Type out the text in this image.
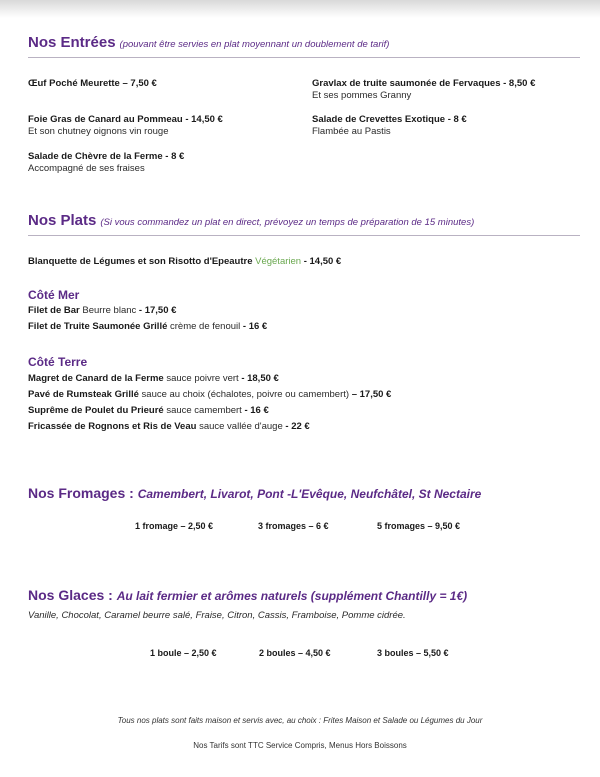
Nos Entrées (pouvant être servies en plat moyennant un doublement de tarif)
Œuf Poché Meurette – 7,50 €	Gravlax de truite saumonée de Fervaques - 8,50 €
Et ses pommes Granny
Foie Gras de Canard au Pommeau - 14,50 €
Et son chutney oignons vin rouge
Salade de Crevettes Exotique - 8 €
Flambée au Pastis
Salade de Chèvre de la Ferme - 8 €
Accompagné de ses fraises
Nos Plats (Si vous commandez un plat en direct, prévoyez un temps de préparation de 15 minutes)
Blanquette de Légumes et son Risotto d'Epeautre Végétarien - 14,50 €
Côté Mer
Filet de Bar Beurre blanc - 17,50 €
Filet de Truite Saumonée Grillé crème de fenouil - 16 €
Côté Terre
Magret de Canard de la Ferme sauce poivre vert - 18,50 €
Pavé de Rumsteak Grillé sauce au choix (échalotes, poivre ou camembert) – 17,50 €
Suprême de Poulet du Prieuré sauce camembert - 16 €
Fricassée de Rognons et Ris de Veau sauce vallée d'auge - 22 €
Nos Fromages : Camembert, Livarot, Pont -L'Evêque, Neufchâtel, St Nectaire
1 fromage – 2,50 €	3 fromages – 6 €	5 fromages – 9,50 €
Nos Glaces : Au lait fermier et arômes naturels (supplément Chantilly = 1€)
Vanille, Chocolat, Caramel beurre salé, Fraise, Citron, Cassis, Framboise, Pomme cidrée.
1 boule – 2,50 €	2 boules – 4,50 €	3 boules – 5,50 €
Tous nos plats sont faits maison et servis avec, au choix : Frites Maison et Salade ou Légumes du Jour
Nos Tarifs sont TTC Service Compris, Menus Hors Boissons
